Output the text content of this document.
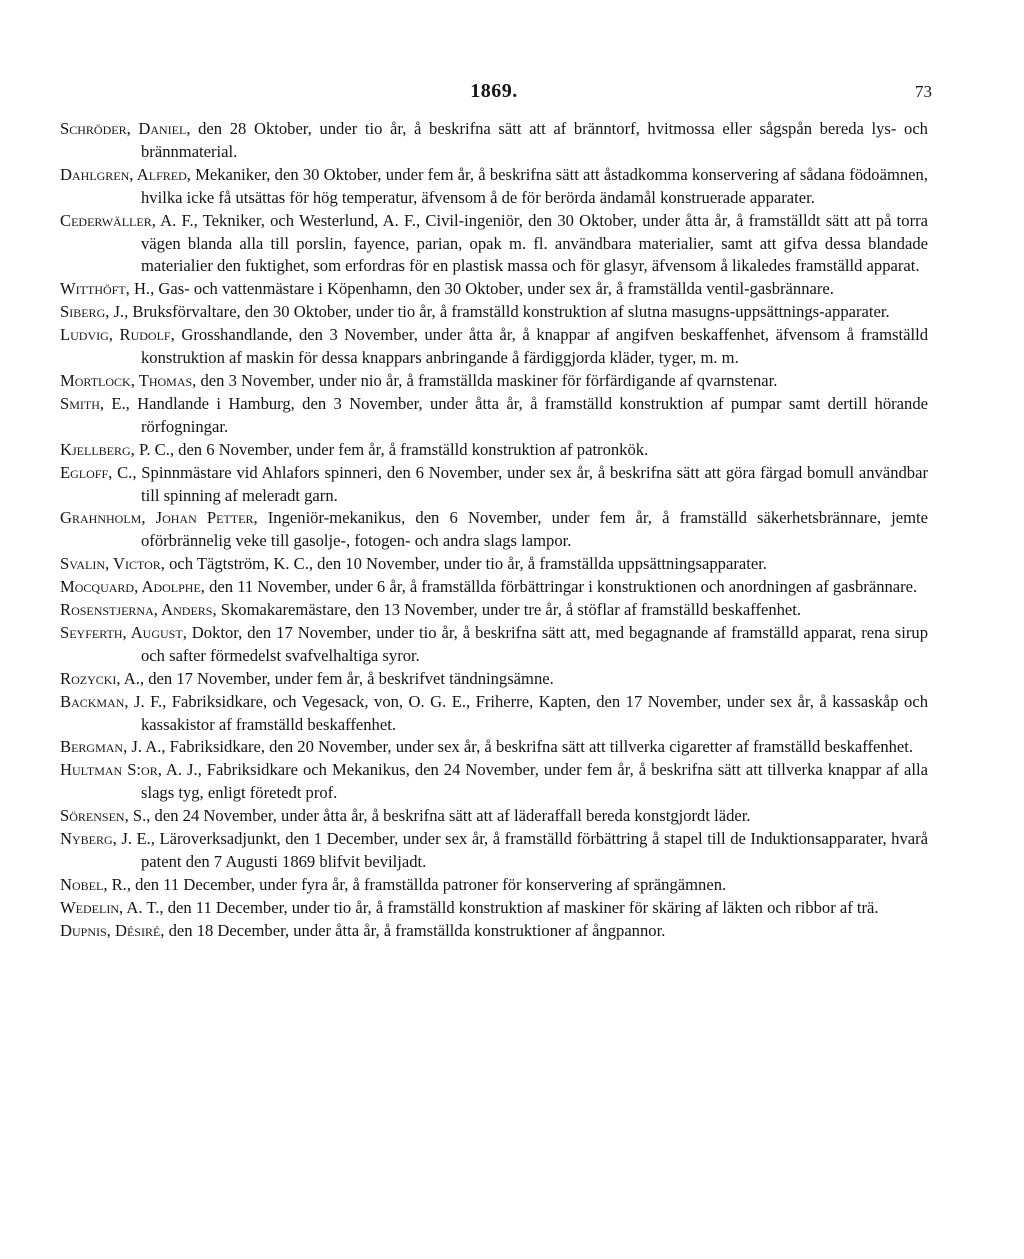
1869.	73

Schröder, Daniel, den 28 Oktober, under tio år, å beskrifna sätt att af bränntorf, hvitmossa eller sågspån bereda lys- och brännmaterial.

Dahlgren, Alfred, Mekaniker, den 30 Oktober, under fem år, å beskrifna sätt att åstadkomma konservering af sådana födoämnen, hvilka icke få utsättas för hög temperatur, äfvensom å de för berörda ändamål konstruerade apparater.

Cederwäller, A. F., Tekniker, och Westerlund, A. F., Civil-ingeniör, den 30 Oktober, under åtta år, å framställdt sätt att på torra vägen blanda alla till porslin, fayence, parian, opak m. fl. användbara materialier, samt att gifva dessa blandade materialier den fuktighet, som erfordras för en plastisk massa och för glasyr, äfvensom å likaledes framställd apparat.

Witthöft, H., Gas- och vattenmästare i Köpenhamn, den 30 Oktober, under sex år, å framställda ventil-gasbrännare.

Siberg, J., Bruksförvaltare, den 30 Oktober, under tio år, å framställd konstruktion af slutna masugns-uppsättnings-apparater.

Ludvig, Rudolf, Grosshandlande, den 3 November, under åtta år, å knappar af angifven beskaffenhet, äfvensom å framställd konstruktion af maskin för dessa knappars anbringande å färdiggjorda kläder, tyger, m. m.

Mortlock, Thomas, den 3 November, under nio år, å framställda maskiner för förfärdigande af qvarnstenar.

Smith, E., Handlande i Hamburg, den 3 November, under åtta år, å framställd konstruktion af pumpar samt dertill hörande rörfogningar.

Kjellberg, P. C., den 6 November, under fem år, å framställd konstruktion af patronkök.

Egloff, C., Spinnmästare vid Ahlafors spinneri, den 6 November, under sex år, å beskrifna sätt att göra färgad bomull användbar till spinning af meleradt garn.

Grahnholm, Johan Petter, Ingeniör-mekanikus, den 6 November, under fem år, å framställd säkerhetsbrännare, jemte oförbrännelig veke till gasolje-, fotogen- och andra slags lampor.

Svalin, Victor, och Tägtström, K. C., den 10 November, under tio år, å framställda uppsättningsapparater.

Mocquard, Adolphe, den 11 November, under 6 år, å framställda förbättringar i konstruktionen och anordningen af gasbrännare.

Rosenstjerna, Anders, Skomakaremästare, den 13 November, under tre år, å stöflar af framställd beskaffenhet.

Seyferth, August, Doktor, den 17 November, under tio år, å beskrifna sätt att, med begagnande af framställd apparat, rena sirup och safter förmedelst svafvelhaltiga syror.

Rozycki, A., den 17 November, under fem år, å beskrifvet tändningsämne.

Backman, J. F., Fabriksidkare, och Vegesack, von, O. G. E., Friherre, Kapten, den 17 November, under sex år, å kassaskåp och kassakistor af framställd beskaffenhet.

Bergman, J. A., Fabriksidkare, den 20 November, under sex år, å beskrifna sätt att tillverka cigaretter af framställd beskaffenhet.

Hultman S:or, A. J., Fabriksidkare och Mekanikus, den 24 November, under fem år, å beskrifna sätt att tillverka knappar af alla slags tyg, enligt företedt prof.

Sörensen, S., den 24 November, under åtta år, å beskrifna sätt att af läderaffall bereda konstgjordt läder.

Nyberg, J. E., Läroverksadjunkt, den 1 December, under sex år, å framställd förbättring å stapel till de Induktionsapparater, hvarå patent den 7 Augusti 1869 blifvit beviljadt.

Nobel, R., den 11 December, under fyra år, å framställda patroner för konservering af sprängämnen.

Wedelin, A. T., den 11 December, under tio år, å framställd konstruktion af maskiner för skäring af läkten och ribbor af trä.

Dupnis, Désiré, den 18 December, under åtta år, å framställda konstruktioner af ångpannor.
